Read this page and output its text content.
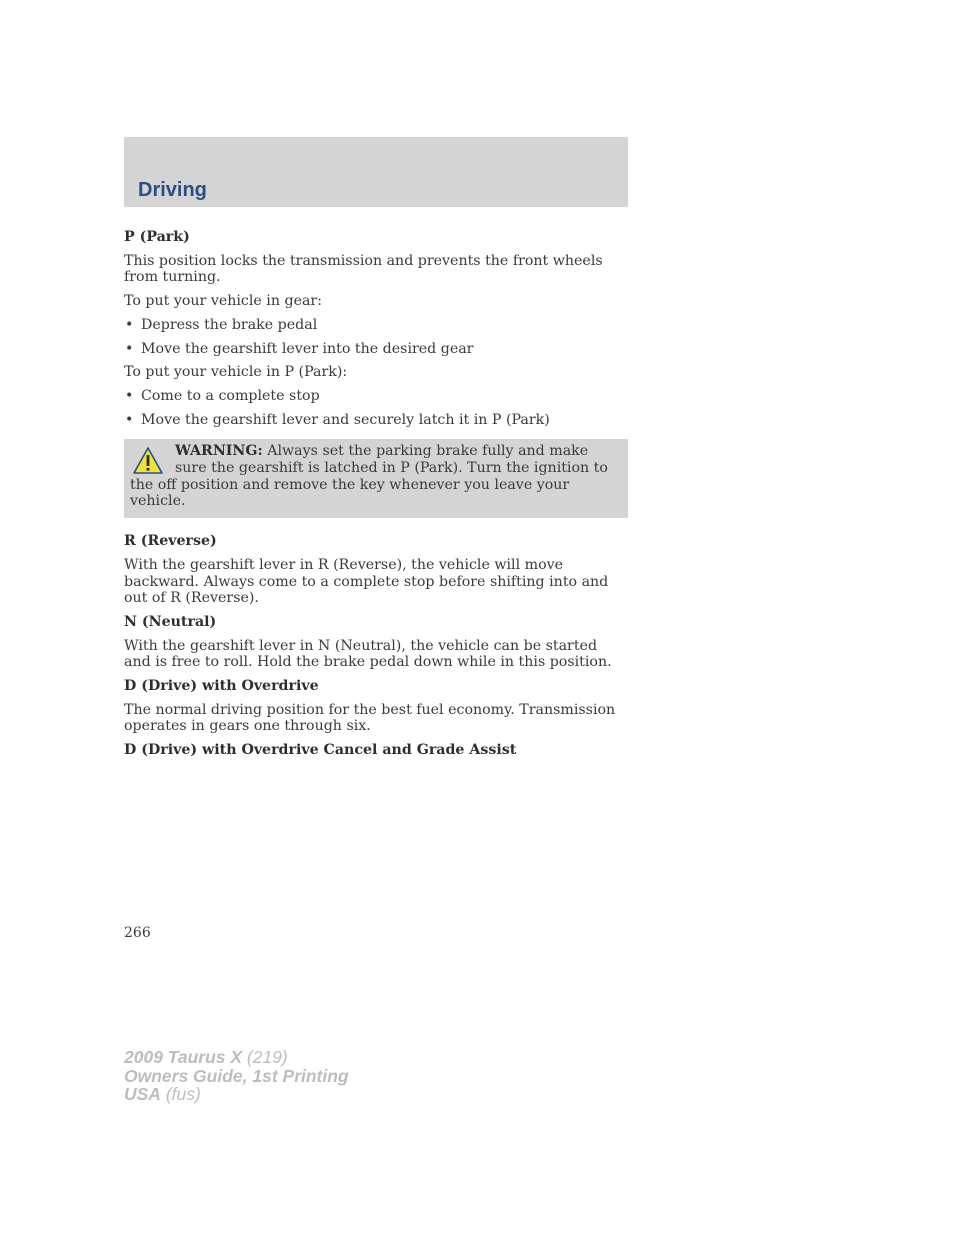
Driving

P (Park)

This position locks the transmission and prevents the front wheels from turning.

To put your vehicle in gear:

• Depress the brake pedal
• Move the gearshift lever into the desired gear

To put your vehicle in P (Park):

• Come to a complete stop
• Move the gearshift lever and securely latch it in P (Park)
WARNING: Always set the parking brake fully and make sure the gearshift is latched in P (Park). Turn the ignition to the off position and remove the key whenever you leave your vehicle.

R (Reverse)

With the gearshift lever in R (Reverse), the vehicle will move backward. Always come to a complete stop before shifting into and out of R (Reverse).

N (Neutral)

With the gearshift lever in N (Neutral), the vehicle can be started and is free to roll. Hold the brake pedal down while in this position.

D (Drive) with Overdrive

The normal driving position for the best fuel economy. Transmission operates in gears one through six.

D (Drive) with Overdrive Cancel and Grade Assist

266
2009 Taurus X (219)
Owners Guide, 1st Printing
USA (fus)
